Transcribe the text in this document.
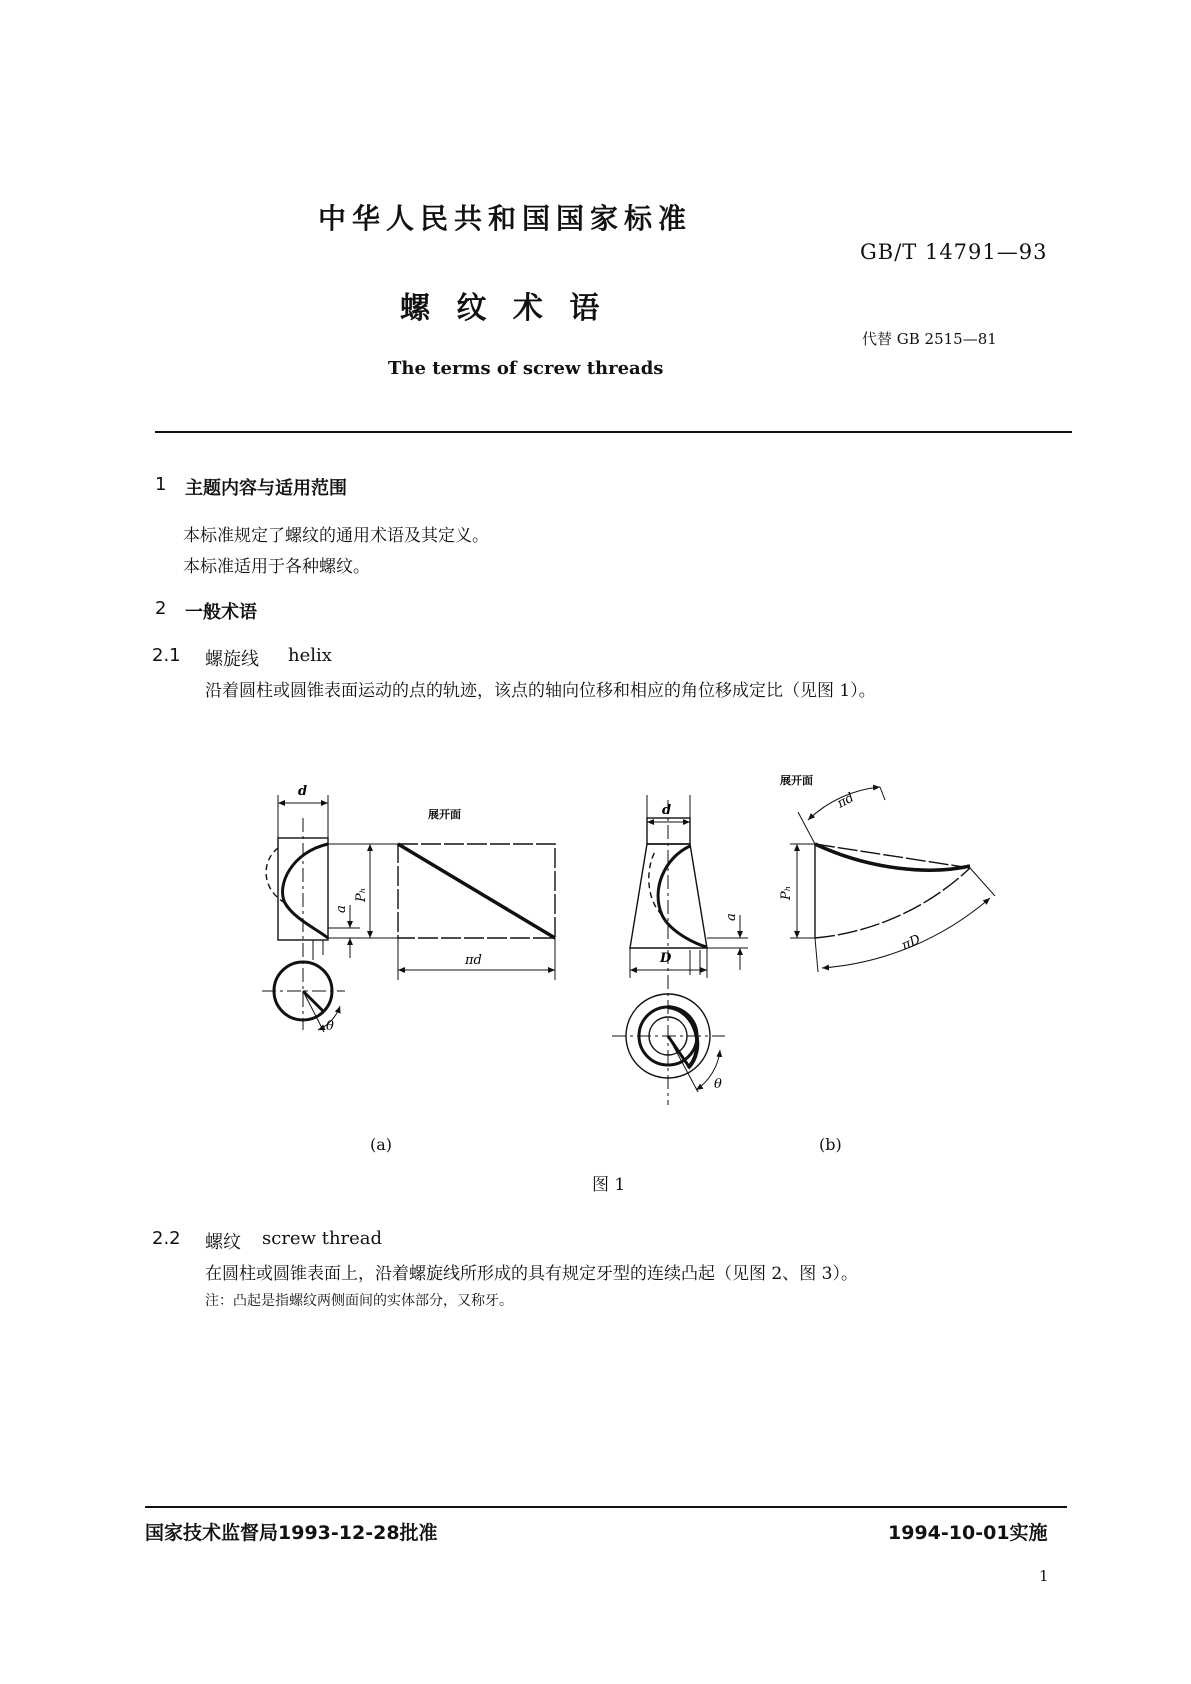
中华人民共和国国家标准
GB/T 14791—93
螺 纹 术 语
代替 GB 2515—81
The terms of screw threads
1 主题内容与适用范围
本标准规定了螺纹的通用术语及其定义。
本标准适用于各种螺纹。
2 一般术语
2.1 螺旋线 helix
沿着圆柱或圆锥表面运动的点的轨迹，该点的轴向位移和相应的角位移成定比（见图 1）。
d
展开面
Pₕ
a
θ
πd
展开面
d
D
a
Pₕ
πd
πD
θ
(a)	(b)
图 1
2.2 螺纹 screw thread
在圆柱或圆锥表面上，沿着螺旋线所形成的具有规定牙型的连续凸起（见图 2、图 3）。
注：凸起是指螺纹两侧面间的实体部分，又称牙。
国家技术监督局1993-12-28批准	1994-10-01实施
1
